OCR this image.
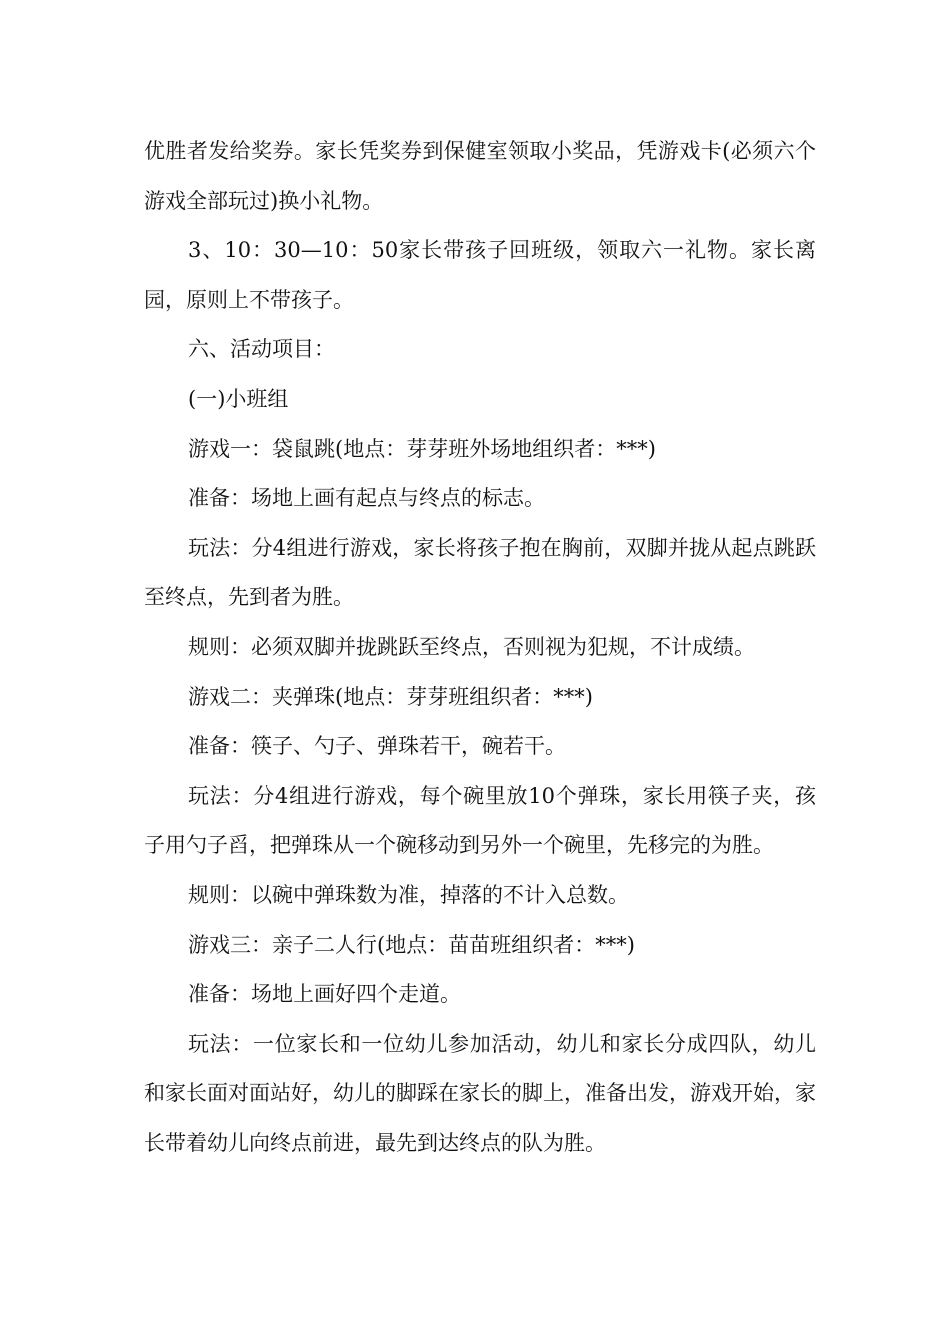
优胜者发给奖券。家长凭奖券到保健室领取小奖品，凭游戏卡(必须六个游戏全部玩过)换小礼物。

3、10：30—10：50家长带孩子回班级，领取六一礼物。家长离园，原则上不带孩子。

六、活动项目：

(一)小班组

游戏一：袋鼠跳(地点：芽芽班外场地组织者：***)

准备：场地上画有起点与终点的标志。

玩法：分4组进行游戏，家长将孩子抱在胸前，双脚并拢从起点跳跃至终点，先到者为胜。

规则：必须双脚并拢跳跃至终点，否则视为犯规，不计成绩。

游戏二：夹弹珠(地点：芽芽班组织者：***)

准备：筷子、勺子、弹珠若干，碗若干。

玩法：分4组进行游戏，每个碗里放10个弹珠，家长用筷子夹，孩子用勺子舀，把弹珠从一个碗移动到另外一个碗里，先移完的为胜。

规则：以碗中弹珠数为准，掉落的不计入总数。

游戏三：亲子二人行(地点：苗苗班组织者：***)

准备：场地上画好四个走道。

玩法：一位家长和一位幼儿参加活动，幼儿和家长分成四队，幼儿和家长面对面站好，幼儿的脚踩在家长的脚上，准备出发，游戏开始，家长带着幼儿向终点前进，最先到达终点的队为胜。
